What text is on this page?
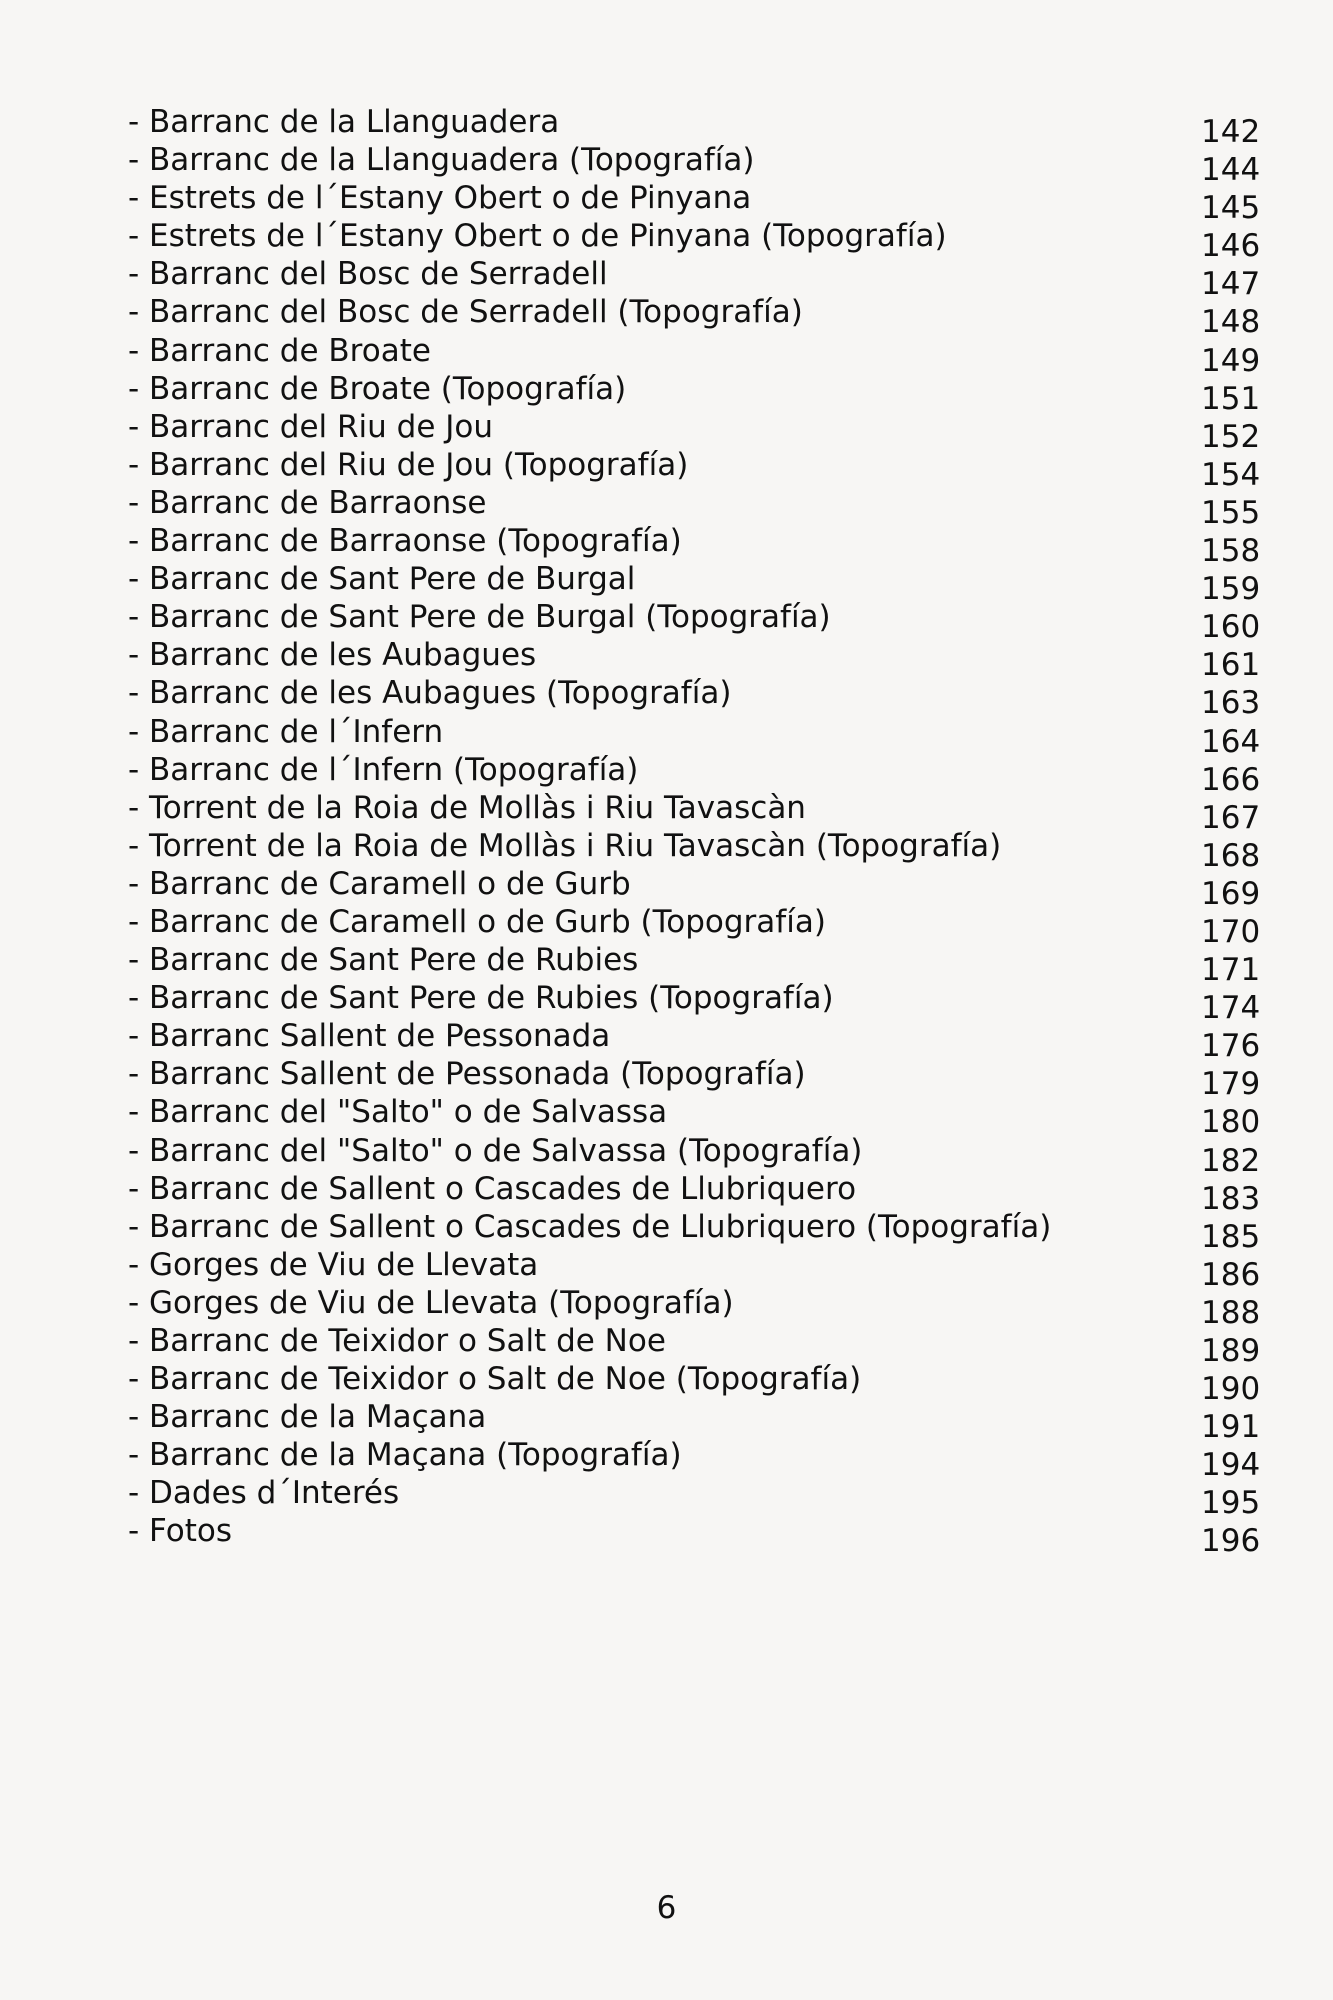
- Barranc de la Llanguadera	142
- Barranc de la Llanguadera (Topografía)	144
- Estrets de l´Estany Obert o de Pinyana	145
- Estrets de l´Estany Obert o de Pinyana (Topografía)	146
- Barranc del Bosc de Serradell	147
- Barranc del Bosc de Serradell (Topografía)	148
- Barranc de Broate	149
- Barranc de Broate (Topografía)	151
- Barranc del Riu de Jou	152
- Barranc del Riu de Jou (Topografía)	154
- Barranc de Barraonse	155
- Barranc de Barraonse (Topografía)	158
- Barranc de Sant Pere de Burgal	159
- Barranc de Sant Pere de Burgal (Topografía)	160
- Barranc de les Aubagues	161
- Barranc de les Aubagues (Topografía)	163
- Barranc de l´Infern	164
- Barranc de l´Infern (Topografía)	166
- Torrent de la Roia de Mollàs i Riu Tavascàn	167
- Torrent de la Roia de Mollàs i Riu Tavascàn (Topografía)	168
- Barranc de Caramell o de Gurb	169
- Barranc de Caramell o de Gurb (Topografía)	170
- Barranc de Sant Pere de Rubies	171
- Barranc de Sant Pere de Rubies (Topografía)	174
- Barranc Sallent de Pessonada	176
- Barranc Sallent de Pessonada (Topografía)	179
- Barranc del "Salto" o de Salvassa	180
- Barranc del "Salto" o de Salvassa (Topografía)	182
- Barranc de Sallent o Cascades de Llubriquero	183
- Barranc de Sallent o Cascades de Llubriquero (Topografía)	185
- Gorges de Viu de Llevata	186
- Gorges de Viu de Llevata (Topografía)	188
- Barranc de Teixidor o Salt de Noe	189
- Barranc de Teixidor o Salt de Noe (Topografía)	190
- Barranc de la Maçana	191
- Barranc de la Maçana (Topografía)	194
- Dades d´Interés	195
- Fotos	196
6
